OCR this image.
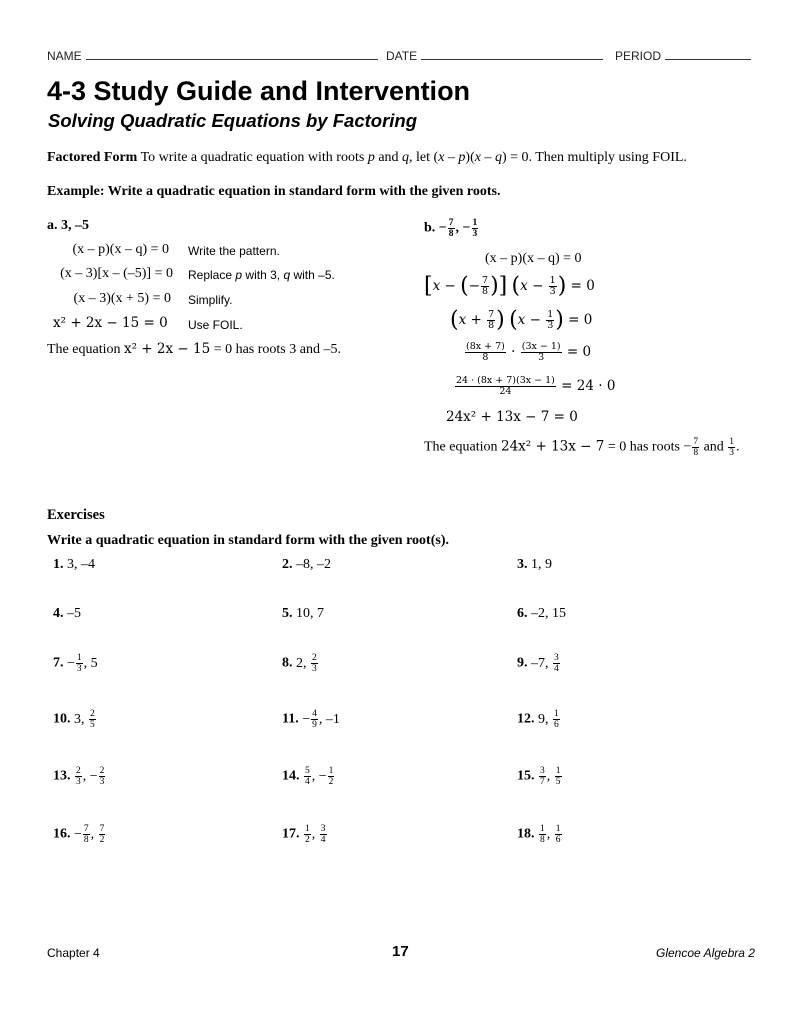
NAME	DATE	PERIOD
4-3 Study Guide and Intervention
Solving Quadratic Equations by Factoring
Factored Form To write a quadratic equation with roots p and q, let (x – p)(x – q) = 0. Then multiply using FOIL.
Example: Write a quadratic equation in standard form with the given roots.
a. 3, –5
(x – p)(x – q) = 0 Write the pattern.
(x – 3)[x – (–5)] = 0 Replace p with 3, q with –5.
(x – 3)(x + 5) = 0 Simplify.
x² + 2x − 15 = 0 Use FOIL.
The equation x² + 2x − 15 = 0 has roots 3 and –5.
b. − $\frac{7}{8}$ , − $\frac{1}{3}$
(x – p)(x – q) = 0
[x − (− $\frac{7}{8}$ )] ($x - \frac{1}{3}$ ) = 0
($x + \frac{7}{8}$ ) ($x - \frac{1}{3}$ ) = 0
$\frac{(8x + 7)}{8} \cdot \frac{(3x - 1)}{3} = 0$
$\frac{24 \cdot (8x + 7)(3x - 1)}{24} = 24 \cdot 0$
24x² + 13x − 7 = 0
The equation 24x² + 13x − 7 = 0 has roots − $\frac{7}{8}$ and $\frac{1}{3}$ .
Exercises
Write a quadratic equation in standard form with the given root(s).
1. 3, –4	2. –8, –2	3. 1, 9
4. –5	5. 10, 7	6. –2, 15
7. − $\frac{1}{3}$ , 5	8. 2, $\frac{2}{3}$	9. –7, $\frac{3}{4}$
10. 3, $\frac{2}{5}$	11. − $\frac{4}{9}$ , –1	12. 9, $\frac{1}{6}$
13. $\frac{2}{3}$ , − $\frac{2}{3}$	14. $\frac{5}{4}$ , − $\frac{1}{2}$	15. $\frac{3}{7}$ , $\frac{1}{5}$
16. − $\frac{7}{8}$ , $\frac{7}{2}$	17. $\frac{1}{2}$ , $\frac{3}{4}$	18. $\frac{1}{8}$ , $\frac{1}{6}$
Chapter 4	17	Glencoe Algebra 2
